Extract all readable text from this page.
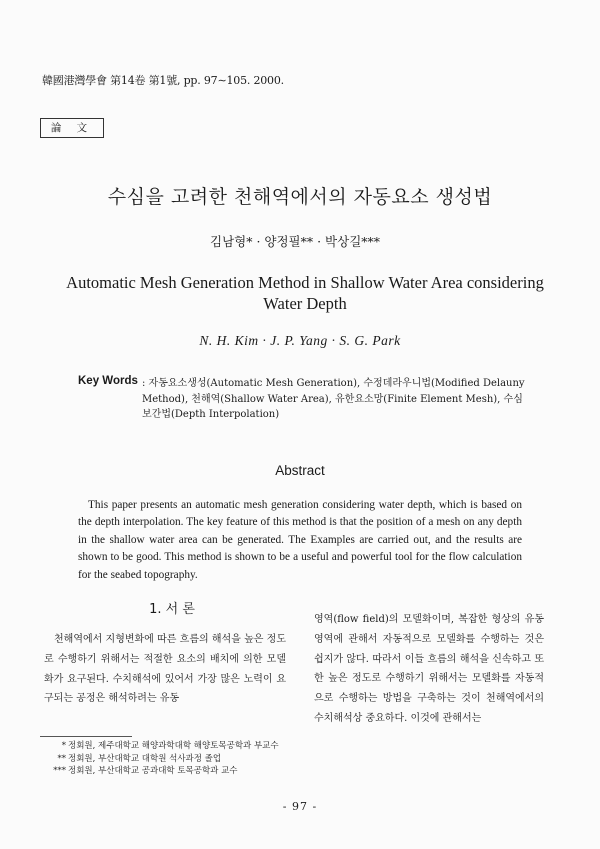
韓國港灣學會 第14卷 第1號, pp. 97∼105. 2000.
論 文
수심을 고려한 천해역에서의 자동요소 생성법
김남형* · 양정필** · 박상길***
Automatic Mesh Generation Method in Shallow Water Area considering Water Depth
N. H. Kim · J. P. Yang · S. G. Park
Key Words : 자동요소생성(Automatic Mesh Generation), 수정데라우니법(Modified Delauny Method), 천해역(Shallow Water Area), 유한요소망(Finite Element Mesh), 수심보간법(Depth Interpolation)
Abstract
This paper presents an automatic mesh generation considering water depth, which is based on the depth interpolation. The key feature of this method is that the position of a mesh on any depth in the shallow water area can be generated. The Examples are carried out, and the results are shown to be good. This method is shown to be a useful and powerful tool for the flow calculation for the seabed topography.
1. 서 론
천해역에서 지형변화에 따른 흐름의 해석을 높은 정도로 수행하기 위해서는 적절한 요소의 배치에 의한 모델화가 요구된다. 수치해석에 있어서 가장 많은 노력이 요구되는 공정은 해석하려는 유동
영역(flow field)의 모델화이며, 복잡한 형상의 유동영역에 관해서 자동적으로 모델화를 수행하는 것은 쉽지가 않다. 따라서 이들 흐름의 해석을 신속하고 또한 높은 정도로 수행하기 위해서는 모델화를 자동적으로 수행하는 방법을 구축하는 것이 천해역에서의 수치해석상 중요하다. 이것에 관해서는
* 정회원, 제주대학교 해양과학대학 해양토목공학과 부교수
** 정회원, 부산대학교 대학원 석사과정 졸업
*** 정회원, 부산대학교 공과대학 토목공학과 교수
- 97 -
